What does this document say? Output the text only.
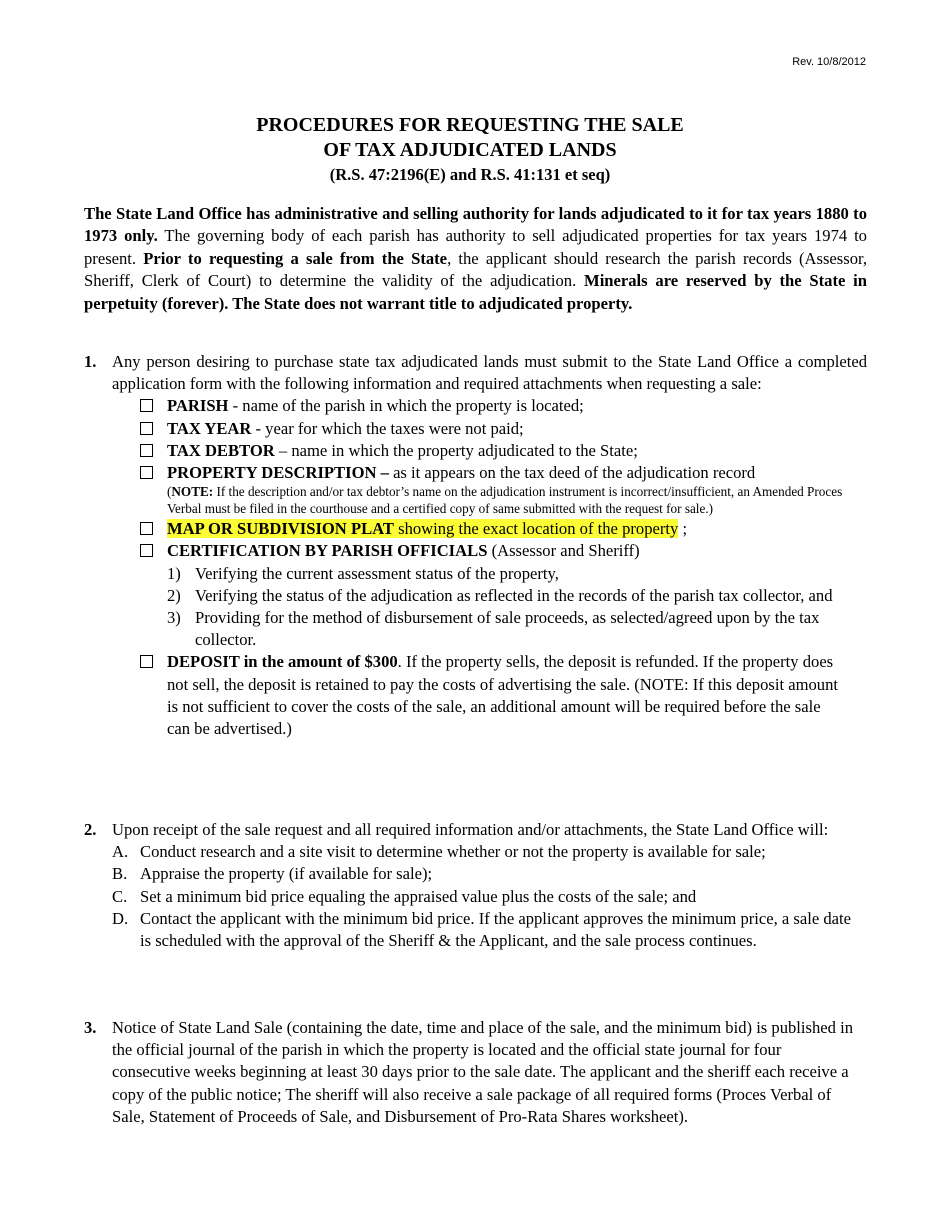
Rev. 10/8/2012
PROCEDURES FOR REQUESTING THE SALE
OF TAX ADJUDICATED LANDS
(R.S. 47:2196(E) and R.S. 41:131 et seq)
The State Land Office has administrative and selling authority for lands adjudicated to it for tax years 1880 to 1973 only. The governing body of each parish has authority to sell adjudicated properties for tax years 1974 to present. Prior to requesting a sale from the State, the applicant should research the parish records (Assessor, Sheriff, Clerk of Court) to determine the validity of the adjudication. Minerals are reserved by the State in perpetuity (forever). The State does not warrant title to adjudicated property.
1. Any person desiring to purchase state tax adjudicated lands must submit to the State Land Office a completed application form with the following information and required attachments when requesting a sale:
PARISH - name of the parish in which the property is located;
TAX YEAR - year for which the taxes were not paid;
TAX DEBTOR – name in which the property adjudicated to the State;
PROPERTY DESCRIPTION – as it appears on the tax deed of the adjudication record
(NOTE: If the description and/or tax debtor’s name on the adjudication instrument is incorrect/insufficient, an Amended Proces Verbal must be filed in the courthouse and a certified copy of same submitted with the request for sale.)
MAP OR SUBDIVISION PLAT showing the exact location of the property ;
CERTIFICATION BY PARISH OFFICIALS (Assessor and Sheriff)
1) Verifying the current assessment status of the property,
2) Verifying the status of the adjudication as reflected in the records of the parish tax collector, and
3) Providing for the method of disbursement of sale proceeds, as selected/agreed upon by the tax collector.
DEPOSIT in the amount of $300. If the property sells, the deposit is refunded. If the property does not sell, the deposit is retained to pay the costs of advertising the sale. (NOTE: If this deposit amount is not sufficient to cover the costs of the sale, an additional amount will be required before the sale can be advertised.)
2. Upon receipt of the sale request and all required information and/or attachments, the State Land Office will:
A. Conduct research and a site visit to determine whether or not the property is available for sale;
B. Appraise the property (if available for sale);
C. Set a minimum bid price equaling the appraised value plus the costs of the sale; and
D. Contact the applicant with the minimum bid price. If the applicant approves the minimum price, a sale date is scheduled with the approval of the Sheriff & the Applicant, and the sale process continues.
3. Notice of State Land Sale (containing the date, time and place of the sale, and the minimum bid) is published in the official journal of the parish in which the property is located and the official state journal for four consecutive weeks beginning at least 30 days prior to the sale date. The applicant and the sheriff each receive a copy of the public notice; The sheriff will also receive a sale package of all required forms (Proces Verbal of Sale, Statement of Proceeds of Sale, and Disbursement of Pro-Rata Shares worksheet).
